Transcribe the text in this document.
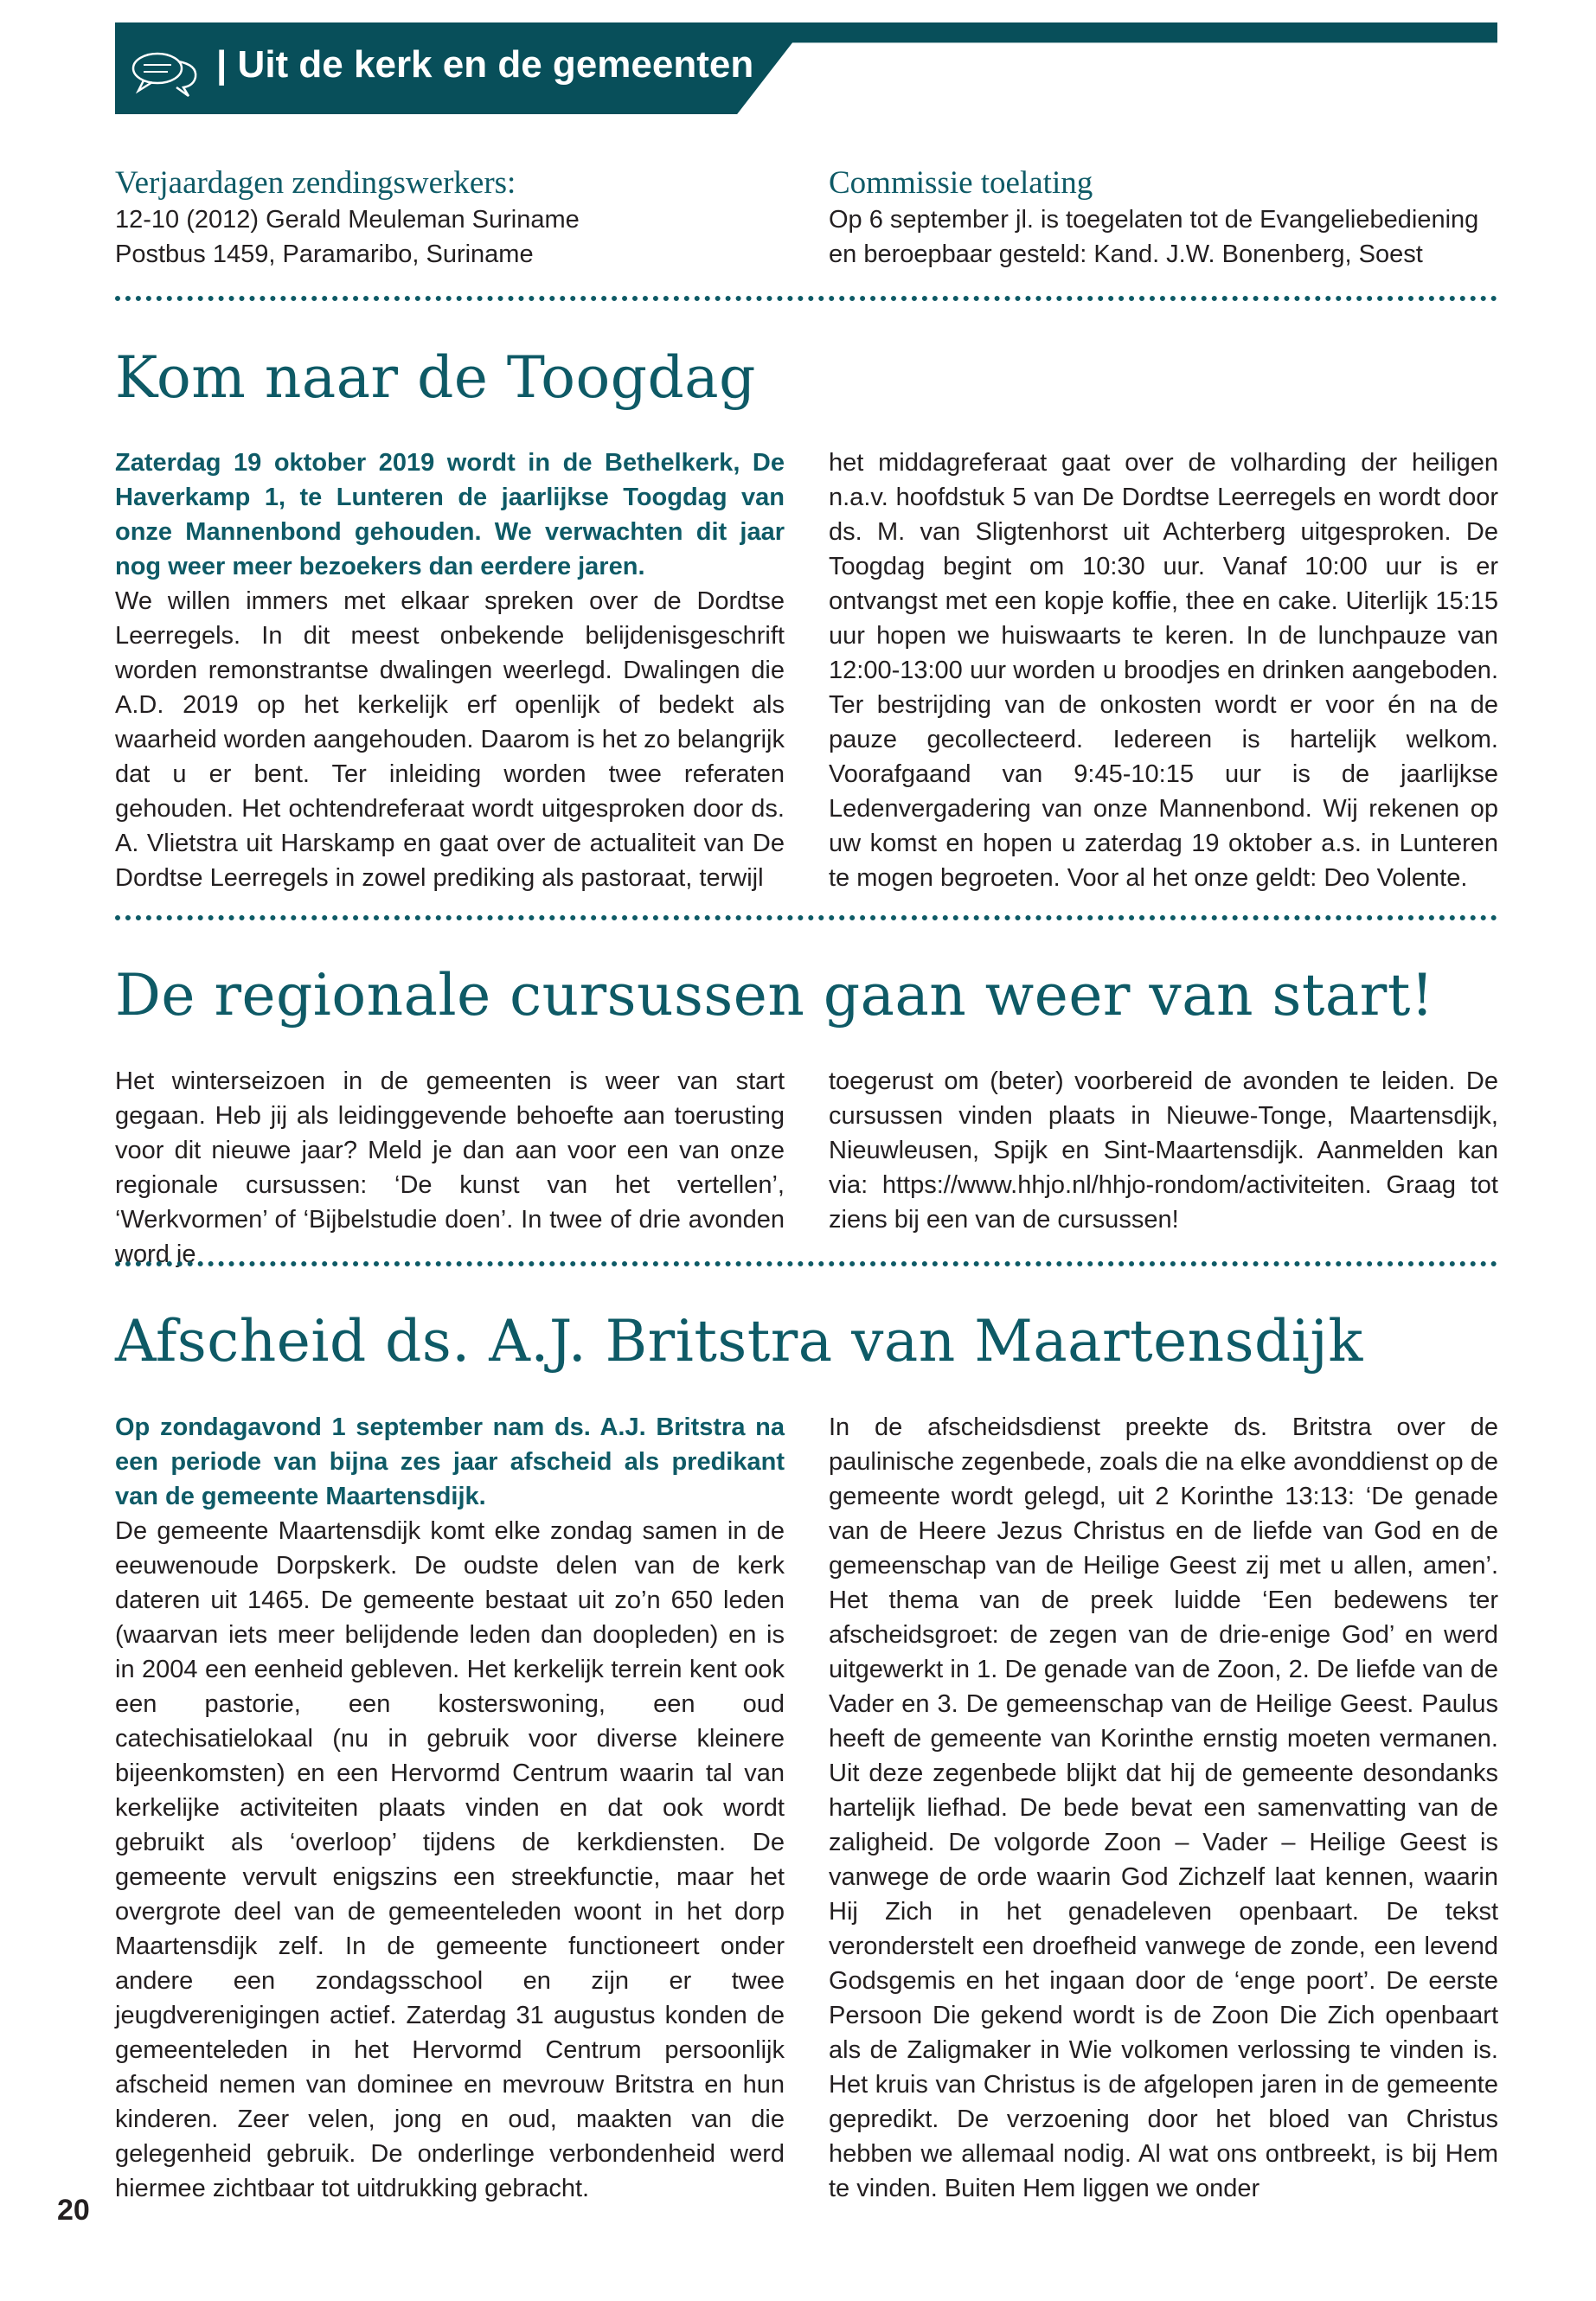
| Uit de kerk en de gemeenten

Verjaardagen zendingswerkers:

12-10 (2012) Gerald Meuleman Suriname

Postbus 1459, Paramaribo, Suriname

Commissie toelating

Op 6 september jl. is toegelaten tot de Evangeliebediening

en beroepbaar gesteld: Kand. J.W. Bonenberg, Soest

Kom naar de Toogdag

Zaterdag 19 oktober 2019 wordt in de Bethelkerk, De Haverkamp 1, te Lunteren de jaarlijkse Toogdag van onze Mannenbond gehouden. We verwachten dit jaar nog weer meer bezoekers dan eerdere jaren.

We willen immers met elkaar spreken over de Dordtse Leerregels. In dit meest onbekende belijdenisgeschrift worden remonstrantse dwalingen weerlegd. Dwalingen die A.D. 2019 op het kerkelijk erf openlijk of bedekt als waarheid worden aangehouden. Daarom is het zo belangrijk dat u er bent. Ter inleiding worden twee referaten gehouden. Het ochtendreferaat wordt uitgesproken door ds. A. Vlietstra uit Harskamp en gaat over de actualiteit van De Dordtse Leerregels in zowel prediking als pastoraat, terwijl

het middagreferaat gaat over de volharding der heiligen n.a.v. hoofdstuk 5 van De Dordtse Leerregels en wordt door ds. M. van Sligtenhorst uit Achterberg uitgesproken. De Toogdag begint om 10:30 uur. Vanaf 10:00 uur is er ontvangst met een kopje koffie, thee en cake. Uiterlijk 15:15 uur hopen we huiswaarts te keren. In de lunchpauze van 12:00-13:00 uur worden u broodjes en drinken aangeboden. Ter bestrijding van de onkosten wordt er voor én na de pauze gecollecteerd. Iedereen is hartelijk welkom. Voorafgaand van 9:45-10:15 uur is de jaarlijkse Ledenvergadering van onze Mannenbond. Wij rekenen op uw komst en hopen u zaterdag 19 oktober a.s. in Lunteren te mogen begroeten. Voor al het onze geldt: Deo Volente.

De regionale cursussen gaan weer van start!

Het winterseizoen in de gemeenten is weer van start gegaan. Heb jij als leidinggevende behoefte aan toerusting voor dit nieuwe jaar? Meld je dan aan voor een van onze regionale cursussen: ‘De kunst van het vertellen’, ‘Werkvormen’ of ‘Bijbelstudie doen’. In twee of drie avonden word je

toegerust om (beter) voorbereid de avonden te leiden. De cursussen vinden plaats in Nieuwe-Tonge, Maartensdijk, Nieuwleusen, Spijk en Sint-Maartensdijk. Aanmelden kan via: https://www.hhjo.nl/hhjo-rondom/activiteiten. Graag tot ziens bij een van de cursussen!

Afscheid ds. A.J. Britstra van Maartensdijk

Op zondagavond 1 september nam ds. A.J. Britstra na een periode van bijna zes jaar afscheid als predikant van de gemeente Maartensdijk.

De gemeente Maartensdijk komt elke zondag samen in de eeuwenoude Dorpskerk. De oudste delen van de kerk dateren uit 1465. De gemeente bestaat uit zo’n 650 leden (waarvan iets meer belijdende leden dan doopleden) en is in 2004 een eenheid gebleven. Het kerkelijk terrein kent ook een pastorie, een kosterswoning, een oud catechisatielokaal (nu in gebruik voor diverse kleinere bijeenkomsten) en een Hervormd Centrum waarin tal van kerkelijke activiteiten plaats vinden en dat ook wordt gebruikt als ‘overloop’ tijdens de kerkdiensten. De gemeente vervult enigszins een streekfunctie, maar het overgrote deel van de gemeenteleden woont in het dorp Maartensdijk zelf. In de gemeente functioneert onder andere een zondagsschool en zijn er twee jeugdverenigingen actief. Zaterdag 31 augustus konden de gemeenteleden in het Hervormd Centrum persoonlijk afscheid nemen van dominee en mevrouw Britstra en hun kinderen. Zeer velen, jong en oud, maakten van die gelegenheid gebruik. De onderlinge verbondenheid werd hiermee zichtbaar tot uitdrukking gebracht.

In de afscheidsdienst preekte ds. Britstra over de paulinische zegenbede, zoals die na elke avonddienst op de gemeente wordt gelegd, uit 2 Korinthe 13:13: ‘De genade van de Heere Jezus Christus en de liefde van God en de gemeenschap van de Heilige Geest zij met u allen, amen’. Het thema van de preek luidde ‘Een bedewens ter afscheidsgroet: de zegen van de drie-enige God’ en werd uitgewerkt in 1. De genade van de Zoon, 2. De liefde van de Vader en 3. De gemeenschap van de Heilige Geest. Paulus heeft de gemeente van Korinthe ernstig moeten vermanen. Uit deze zegenbede blijkt dat hij de gemeente desondanks hartelijk liefhad. De bede bevat een samenvatting van de zaligheid. De volgorde Zoon – Vader – Heilige Geest is vanwege de orde waarin God Zichzelf laat kennen, waarin Hij Zich in het genadeleven openbaart. De tekst veronderstelt een droefheid vanwege de zonde, een levend Godsgemis en het ingaan door de ‘enge poort’. De eerste Persoon Die gekend wordt is de Zoon Die Zich openbaart als de Zaligmaker in Wie volkomen verlossing te vinden is. Het kruis van Christus is de afgelopen jaren in de gemeente gepredikt. De verzoening door het bloed van Christus hebben we allemaal nodig. Al wat ons ontbreekt, is bij Hem te vinden. Buiten Hem liggen we onder

20
